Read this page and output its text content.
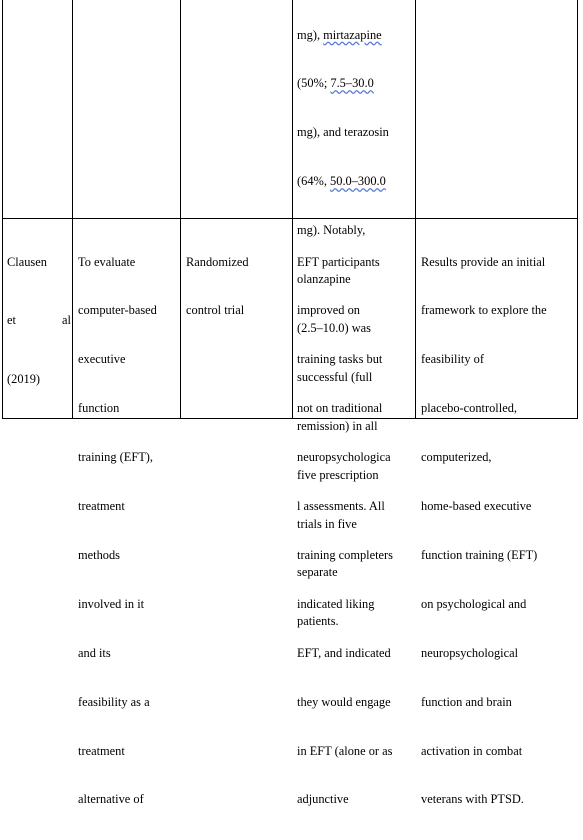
mg), mirtazapine

(50%; 7.5–30.0

mg), and terazosin

(64%, 50.0–300.0

mg). Notably,

olanzapine

(2.5–10.0) was

successful (full

remission) in all

five prescription

trials in five

separate

patients.

Clausen

et	al

(2019)

To evaluate

computer-based

executive

function

training (EFT),

treatment

methods

involved in it

and its

feasibility as a

treatment

alternative of

Randomized

control trial

EFT participants

improved on

training tasks but

not on traditional

neuropsychologica

l assessments. All

training completers

indicated liking

EFT, and indicated

they would engage

in EFT (alone or as

adjunctive

Results provide an initial

framework to explore the

feasibility of

placebo-controlled,

computerized,

home-based executive

function training (EFT)

on psychological and

neuropsychological

function and brain

activation in combat

veterans with PTSD.
